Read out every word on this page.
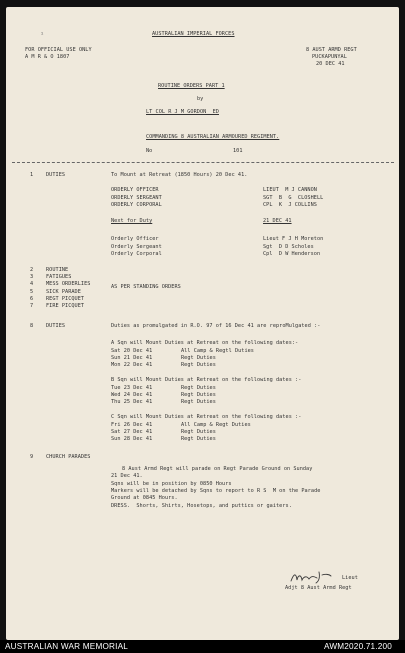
¹	AUSTRALIAN IMPERIAL FORCES
FOR OFFICIAL USE ONLY
A M R & O 1807
8 AUST ARMD REGT
PUCKAPUNYAL
20 DEC 41
ROUTINE ORDERS PART 1
by
LT COL R J M GORDON  ED
COMMANDING 8 AUSTRALIAN ARMOURED REGIMENT.
No	101
1 DUTIES	To Mount at Retreat (1850 Hours) 20 Dec 41.
ORDERLY OFFICER	LIEUT  M J CANNON
ORDERLY SERGEANT	SGT  B  G  CLOSHELL
ORDERLY CORPORAL	CPL  K  J COLLINS
Next for Duty	21 DEC 41
Orderly Officer	Lieut F J H Moreton
Orderly Sergeant	Sgt  D D Scholes
Orderly Corporal	Cpl  D W Henderson
2 ROUTINE
3 FATIGUES
4 MESS ORDERLIES
5 SICK PARADE
6 REGT PICQUET
7 FIRE PICQUET
AS PER STANDING ORDERS
8 DUTIES	Duties as promulgated in R.O. 97 of 16 Dec 41 are reproMulgated :-
A Sqn will Mount Duties at Retreat on the following dates:-
Sat 20 Dec 41	All Camp & Regtl Duties
Sun 21 Dec 41	Regt Duties
Mon 22 Dec 41	Regt Duties
B Sqn will Mount Duties at Retreat on the following dates :-
Tue 23 Dec 41	Regt Duties
Wed 24 Dec 41	Regt Duties
Thu 25 Dec 41	Regt Duties
C Sqn will Mount Duties at Retreat on the following dates :-
Fri 26 Dec 41	All Camp & Regt Duties
Sat 27 Dec 41	Regt Duties
Sun 28 Dec 41	Regt Duties
9 CHURCH PARADES
8 Aust Armd Regt will parade on Regt Parade Ground on Sunday
21 Dec 41.
Sqns will be in position by 0850 Hours
Markers will be detached by Sqns to report to R S  M on the Parade
Ground at 0845 Hours.
DRESS.  Shorts, Shirts, Hosetops, and puttics or gaiters.
Lieut
Adjt 8 Aust Armd Regt
AUSTRALIAN WAR MEMORIAL	AWM2020.71.200
